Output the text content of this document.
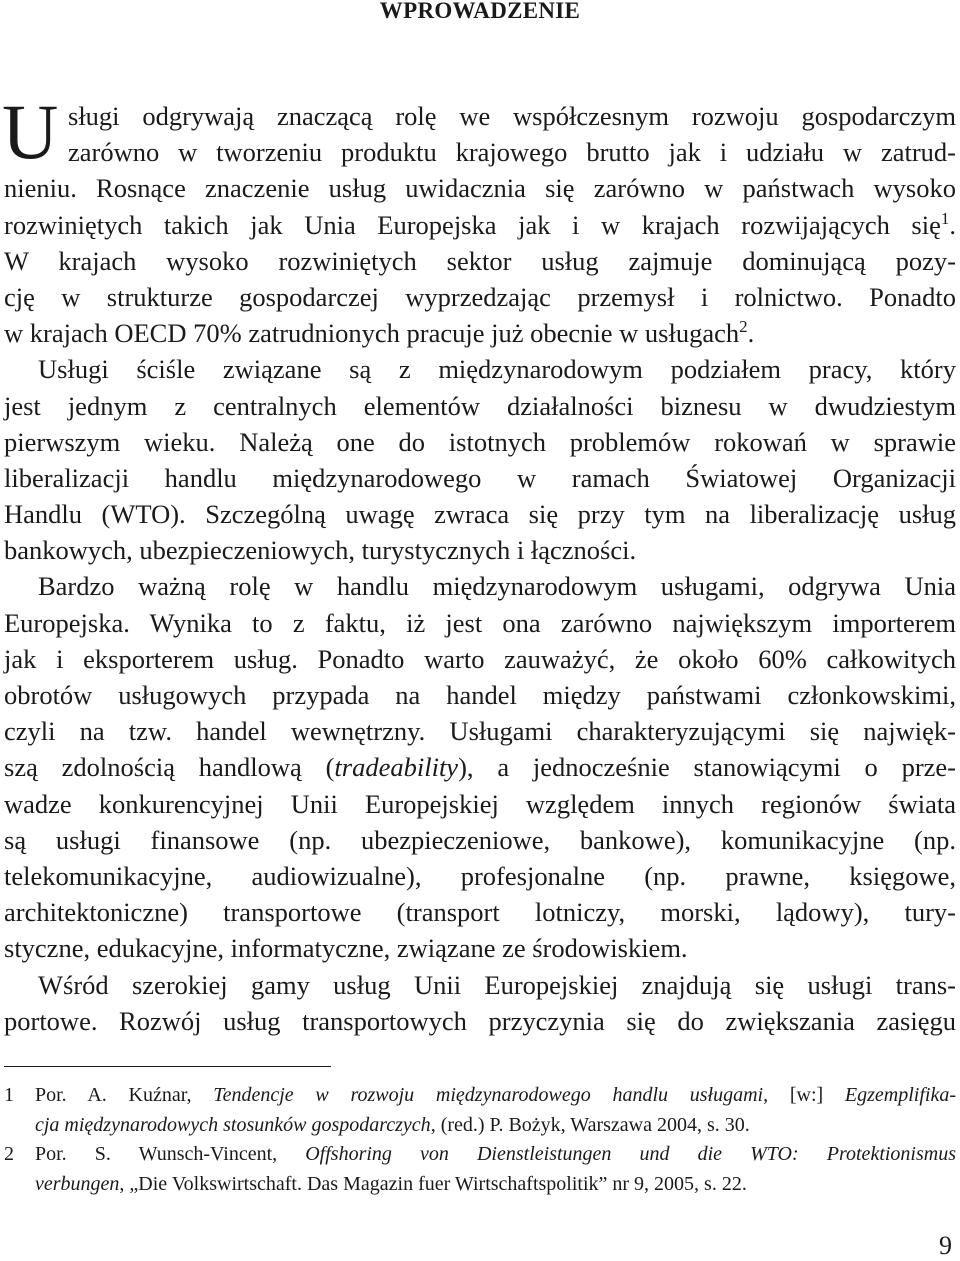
WPROWADZENIE
U sługi odgrywają znaczącą rolę we współczesnym rozwoju gospodarczym
zarówno w tworzeniu produktu krajowego brutto jak i udziału w zatrud-
nieniu. Rosnące znaczenie usług uwidacznia się zarówno w państwach wysoko
rozwiniętych takich jak Unia Europejska jak i w krajach rozwijających się$^1$.
W krajach wysoko rozwiniętych sektor usług zajmuje dominującą pozy-
cję w strukturze gospodarczej wyprzedzając przemysł i rolnictwo. Ponadto
w krajach OECD 70% zatrudnionych pracuje już obecnie w usługach$^2$.
Usługi ściśle związane są z międzynarodowym podziałem pracy, który
jest jednym z centralnych elementów działalności biznesu w dwudziestym
pierwszym wieku. Należą one do istotnych problemów rokowań w sprawie
liberalizacji handlu międzynarodowego w ramach Światowej Organizacji
Handlu (WTO). Szczególną uwagę zwraca się przy tym na liberalizację usług
bankowych, ubezpieczeniowych, turystycznych i łączności.
Bardzo ważną rolę w handlu międzynarodowym usługami, odgrywa Unia
Europejska. Wynika to z faktu, iż jest ona zarówno największym importerem
jak i eksporterem usług. Ponadto warto zauważyć, że około 60% całkowitych
obrotów usługowych przypada na handel między państwami członkowskimi,
czyli na tzw. handel wewnętrzny. Usługami charakteryzującymi się najwięk-
szą zdolnością handlową (tradeability), a jednocześnie stanowiącymi o prze-
wadze konkurencyjnej Unii Europejskiej względem innych regionów świata
są usługi finansowe (np. ubezpieczeniowe, bankowe), komunikacyjne (np.
telekomunikacyjne, audiowizualne), profesjonalne (np. prawne, księgowe,
architektoniczne) transportowe (transport lotniczy, morski, lądowy), tury-
styczne, edukacyjne, informatyczne, związane ze środowiskiem.
Wśród szerokiej gamy usług Unii Europejskiej znajdują się usługi trans-
portowe. Rozwój usług transportowych przyczynia się do zwiększania zasięgu
1	Por. A. Kuźnar, Tendencje w rozwoju międzynarodowego handlu usługami, [w:] Egzemplifika-
cja międzynarodowych stosunków gospodarczych, (red.) P. Bożyk, Warszawa 2004, s. 30.
2	Por. S. Wunsch-Vincent, Offshoring von Dienstleistungen und die WTO: Protektionismus
verbungen, „Die Volkswirtschaft. Das Magazin fuer Wirtschaftspolitik” nr 9, 2005, s. 22.
9
